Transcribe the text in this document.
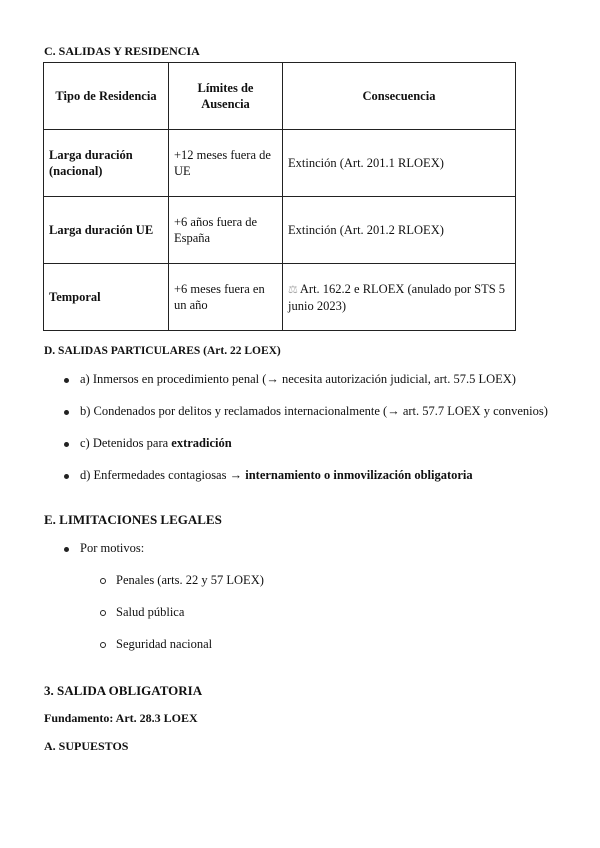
C. SALIDAS Y RESIDENCIA
Tipo de Residencia	Límites de Ausencia	Consecuencia
Larga duración (nacional)	+12 meses fuera de UE	Extinción (Art. 201.1 RLOEX)
Larga duración UE	+6 años fuera de España	Extinción (Art. 201.2 RLOEX)
Temporal	+6 meses fuera en un año	⚖ Art. 162.2 e RLOEX (anulado por STS 5 junio 2023)
D. SALIDAS PARTICULARES (Art. 22 LOEX)
a) Inmersos en procedimiento penal (→ necesita autorización judicial, art. 57.5 LOEX)
b) Condenados por delitos y reclamados internacionalmente (→ art. 57.7 LOEX y convenios)
c) Detenidos para extradición
d) Enfermedades contagiosas → internamiento o inmovilización obligatoria
E. LIMITACIONES LEGALES
Por motivos:
Penales (arts. 22 y 57 LOEX)
Salud pública
Seguridad nacional
3. SALIDA OBLIGATORIA
Fundamento: Art. 28.3 LOEX
A. SUPUESTOS
